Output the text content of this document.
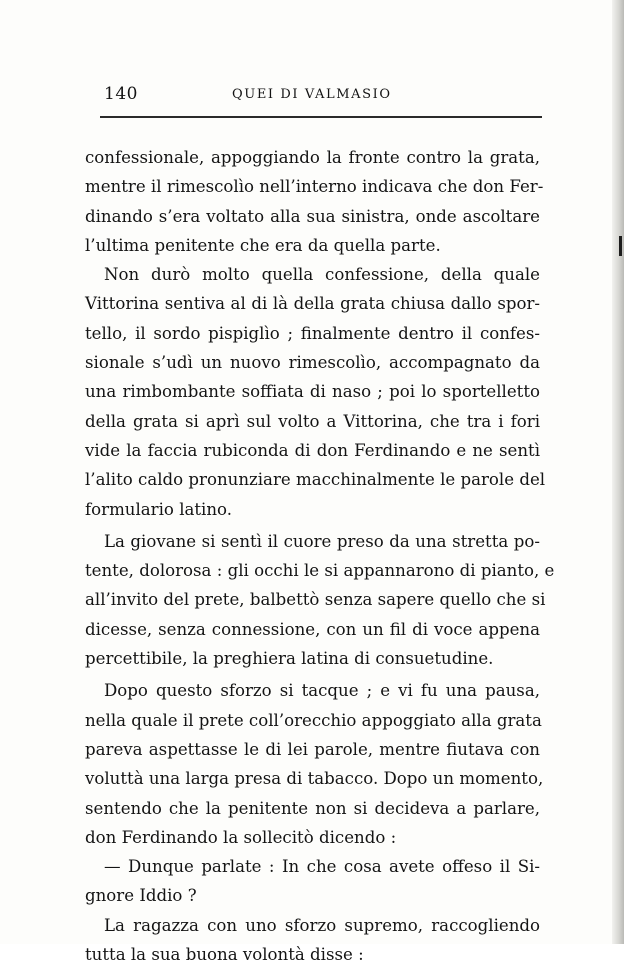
140	QUEI DI VALMASIO
confessionale, appoggiando la fronte contro la grata,
mentre il rimescolìo nell’interno indicava che don Fer-
dinando s’era voltato alla sua sinistra, onde ascoltare
l’ultima penitente che era da quella parte.
Non durò molto quella confessione, della quale
Vittorina sentiva al di là della grata chiusa dallo spor-
tello, il sordo pispiglìo ; finalmente dentro il confes-
sionale s’udì un nuovo rimescolìo, accompagnato da
una rimbombante soffiata di naso ; poi lo sportelletto
della grata si aprì sul volto a Vittorina, che tra i fori
vide la faccia rubiconda di don Ferdinando e ne sentì
l’alito caldo pronunziare macchinalmente le parole del
formulario latino.
La giovane si sentì il cuore preso da una stretta po-
tente, dolorosa : gli occhi le si appannarono di pianto, e
all’invito del prete, balbettò senza sapere quello che si
dicesse, senza connessione, con un fil di voce appena
percettibile, la preghiera latina di consuetudine.
Dopo questo sforzo si tacque ; e vi fu una pausa,
nella quale il prete coll’orecchio appoggiato alla grata
pareva aspettasse le di lei parole, mentre fiutava con
voluttà una larga presa di tabacco. Dopo un momento,
sentendo che la penitente non si decideva a parlare,
don Ferdinando la sollecitò dicendo :
— Dunque parlate : In che cosa avete offeso il Si-
gnore Iddio ?
La ragazza con uno sforzo supremo, raccogliendo
tutta la sua buona volontà disse :
